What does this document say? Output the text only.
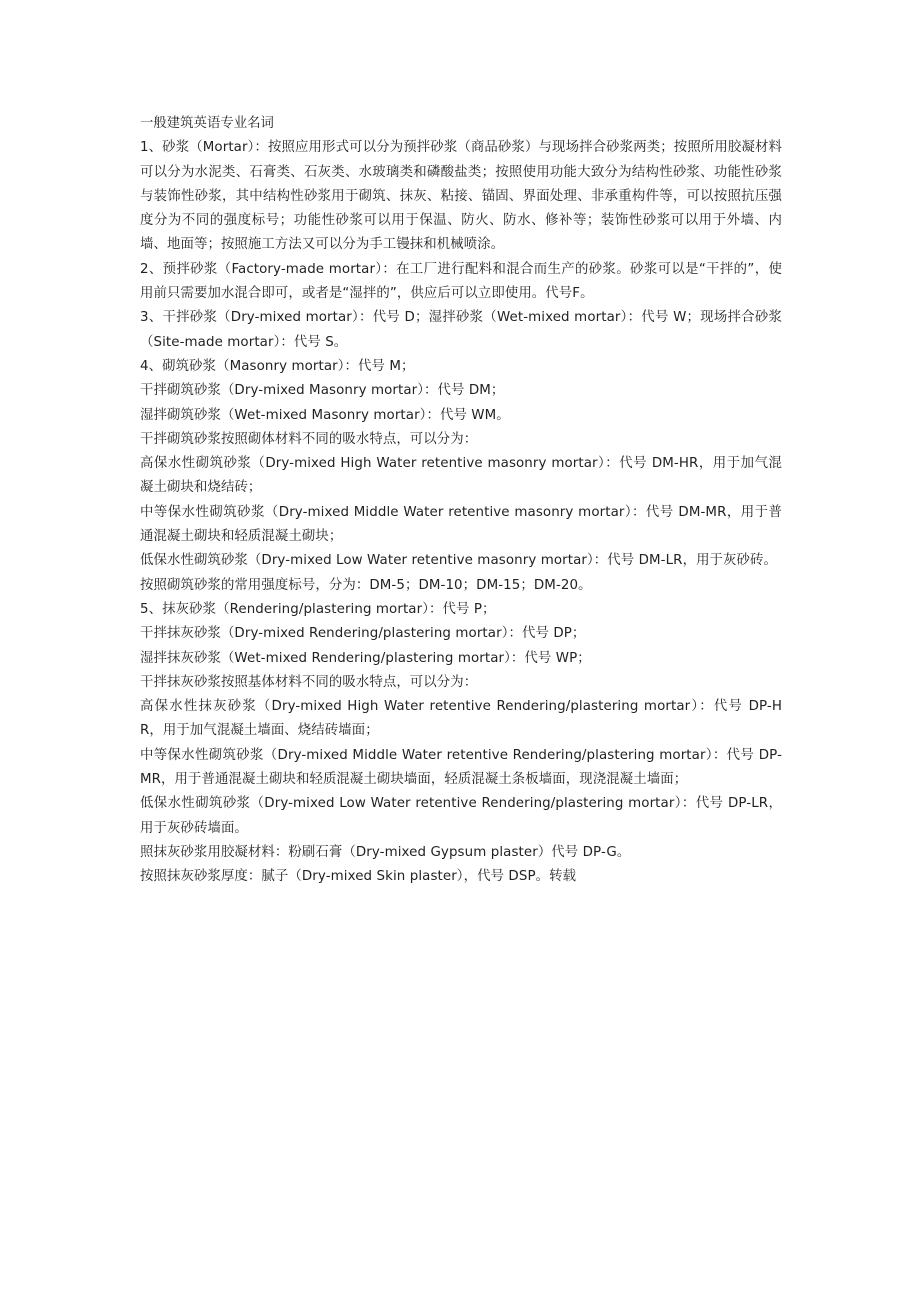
一般建筑英语专业名词

1、砂浆（Mortar）：按照应用形式可以分为预拌砂浆（商品砂浆）与现场拌合砂浆两类；按照所用胶凝材料可以分为水泥类、石膏类、石灰类、水玻璃类和磷酸盐类；按照使用功能大致分为结构性砂浆、功能性砂浆与装饰性砂浆，其中结构性砂浆用于砌筑、抹灰、粘接、锚固、界面处理、非承重构件等，可以按照抗压强度分为不同的强度标号；功能性砂浆可以用于保温、防火、防水、修补等；装饰性砂浆可以用于外墙、内墙、地面等；按照施工方法又可以分为手工镘抹和机械喷涂。

2、预拌砂浆（Factory-made mortar）：在工厂进行配料和混合而生产的砂浆。砂浆可以是“干拌的”，使用前只需要加水混合即可，或者是“湿拌的”，供应后可以立即使用。代号F。

3、干拌砂浆（Dry-mixed mortar）：代号 D；湿拌砂浆（Wet-mixed mortar）：代号 W；现场拌合砂浆（Site-made mortar）：代号 S。

4、砌筑砂浆（Masonry mortar）：代号 M；

干拌砌筑砂浆（Dry-mixed Masonry mortar）：代号 DM；

湿拌砌筑砂浆（Wet-mixed Masonry mortar）：代号 WM。

干拌砌筑砂浆按照砌体材料不同的吸水特点，可以分为：

高保水性砌筑砂浆（Dry-mixed High Water retentive masonry mortar）：代号 DM-HR，用于加气混凝土砌块和烧结砖；

中等保水性砌筑砂浆（Dry-mixed Middle Water retentive masonry mortar）：代号 DM-MR，用于普通混凝土砌块和轻质混凝土砌块；

低保水性砌筑砂浆（Dry-mixed Low Water retentive masonry mortar）：代号 DM-LR，用于灰砂砖。

按照砌筑砂浆的常用强度标号，分为：DM-5；DM-10；DM-15；DM-20。

5、抹灰砂浆（Rendering/plastering mortar）：代号 P；

干拌抹灰砂浆（Dry-mixed Rendering/plastering mortar）：代号 DP；

湿拌抹灰砂浆（Wet-mixed Rendering/plastering mortar）：代号 WP；

干拌抹灰砂浆按照基体材料不同的吸水特点，可以分为：

高保水性抹灰砂浆（Dry-mixed High Water retentive Rendering/plastering mortar）：代号 DP-HR，用于加气混凝土墙面、烧结砖墙面；

中等保水性砌筑砂浆（Dry-mixed Middle Water retentive Rendering/plastering mortar）：代号 DP-MR，用于普通混凝土砌块和轻质混凝土砌块墙面，轻质混凝土条板墙面，现浇混凝土墙面；

低保水性砌筑砂浆（Dry-mixed Low Water retentive Rendering/plastering mortar）：代号 DP-LR，用于灰砂砖墙面。

照抹灰砂浆用胶凝材料：粉刷石膏（Dry-mixed Gypsum plaster）代号 DP-G。

按照抹灰砂浆厚度：腻子（Dry-mixed Skin plaster），代号 DSP。转载
